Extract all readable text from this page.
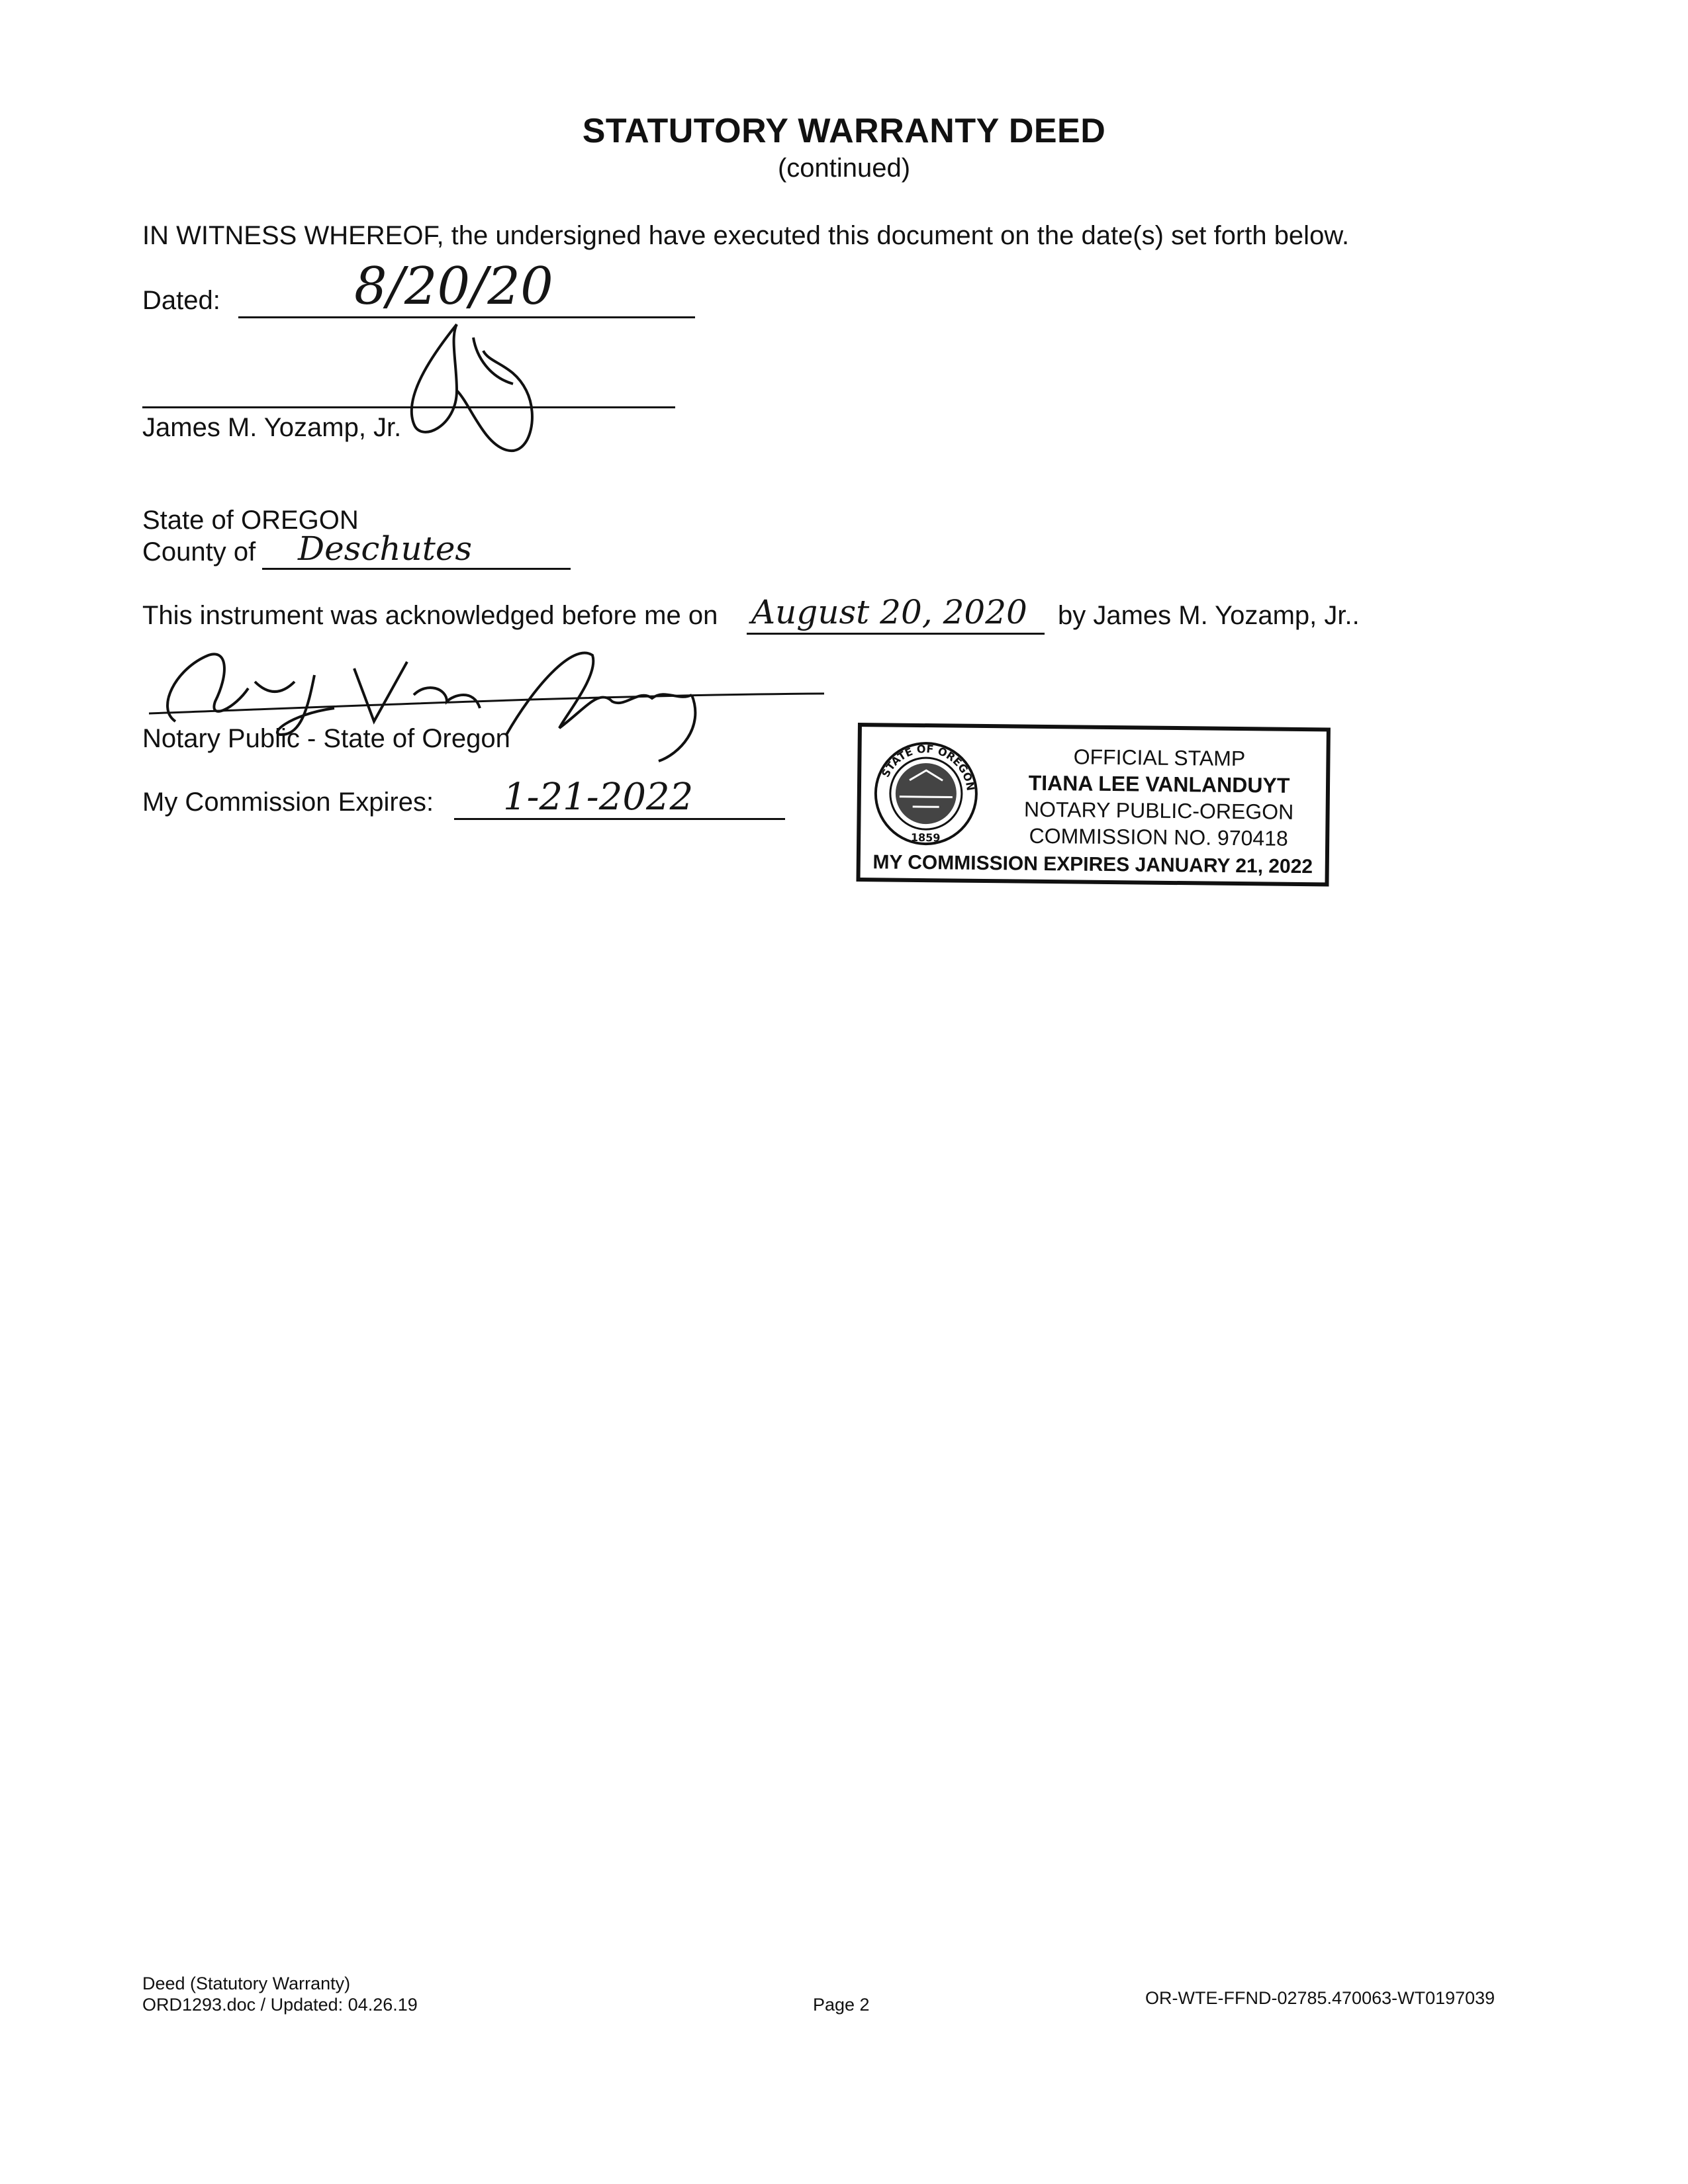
STATUTORY WARRANTY DEED
(continued)
IN WITNESS WHEREOF, the undersigned have executed this document on the date(s) set forth below.
Dated:	8/20/20
James M. Yozamp, Jr.
State of OREGON
County of Deschutes
This instrument was acknowledged before me on August 20, 2020 by James M. Yozamp, Jr..
Notary Public - State of Oregon
My Commission Expires: 1-21-2022
STATE OF OREGON
1859
OFFICIAL STAMP
TIANA LEE VANLANDUYT
NOTARY PUBLIC-OREGON
COMMISSION NO. 970418
MY COMMISSION EXPIRES JANUARY 21, 2022
Deed (Statutory Warranty)
ORD1293.doc / Updated: 04.26.19	Page 2	OR-WTE-FFND-02785.470063-WT0197039
